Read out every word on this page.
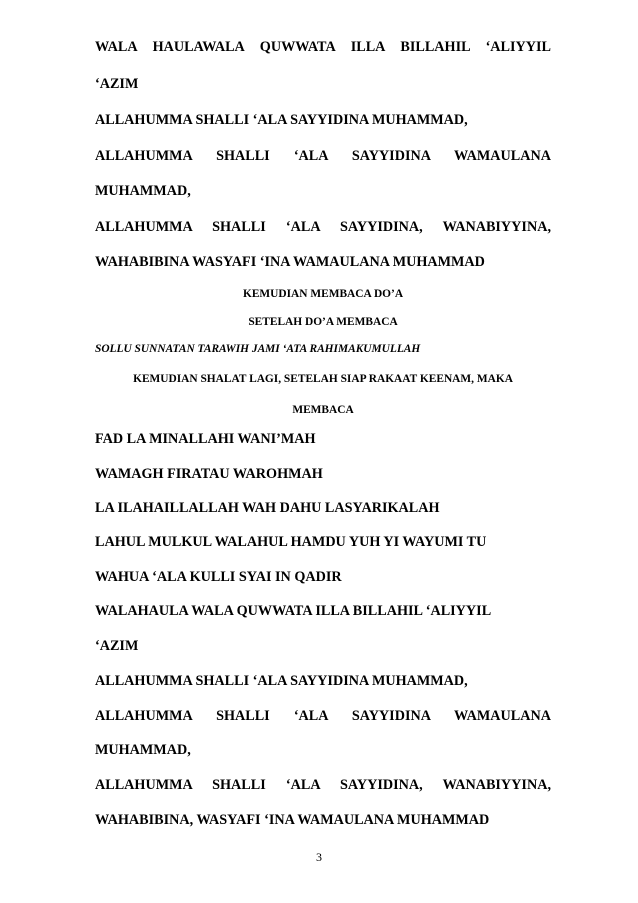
WALA HAULAWALA QUWWATA ILLA BILLAHIL ‘ALIYYIL
‘AZIM
ALLAHUMMA SHALLI ‘ALA SAYYIDINA MUHAMMAD,
ALLAHUMMA SHALLI ‘ALA SAYYIDINA WAMAULANA
MUHAMMAD,
ALLAHUMMA SHALLI ‘ALA SAYYIDINA, WANABIYYINA,
WAHABIBINA WASYAFI ‘INA WAMAULANA MUHAMMAD
KEMUDIAN MEMBACA DO’A
SETELAH DO’A MEMBACA
SOLLU SUNNATAN TARAWIH JAMI ‘ATA RAHIMAKUMULLAH
KEMUDIAN SHALAT LAGI, SETELAH SIAP RAKAAT KEENAM, MAKA
MEMBACA
FAD LA MINALLAHI WANI’MAH
WAMAGH FIRATAU WAROHMAH
LA ILAHAILLALLAH WAH DAHU LASYARIKALAH
LAHUL MULKUL WALAHUL HAMDU YUH YI WAYUMI TU
WAHUA ‘ALA KULLI SYAI IN QADIR
WALAHAULA WALA QUWWATA ILLA BILLAHIL ‘ALIYYIL
‘AZIM
ALLAHUMMA SHALLI ‘ALA SAYYIDINA MUHAMMAD,
ALLAHUMMA SHALLI ‘ALA SAYYIDINA WAMAULANA
MUHAMMAD,
ALLAHUMMA SHALLI ‘ALA SAYYIDINA, WANABIYYINA,
WAHABIBINA, WASYAFI ‘INA WAMAULANA MUHAMMAD
3
